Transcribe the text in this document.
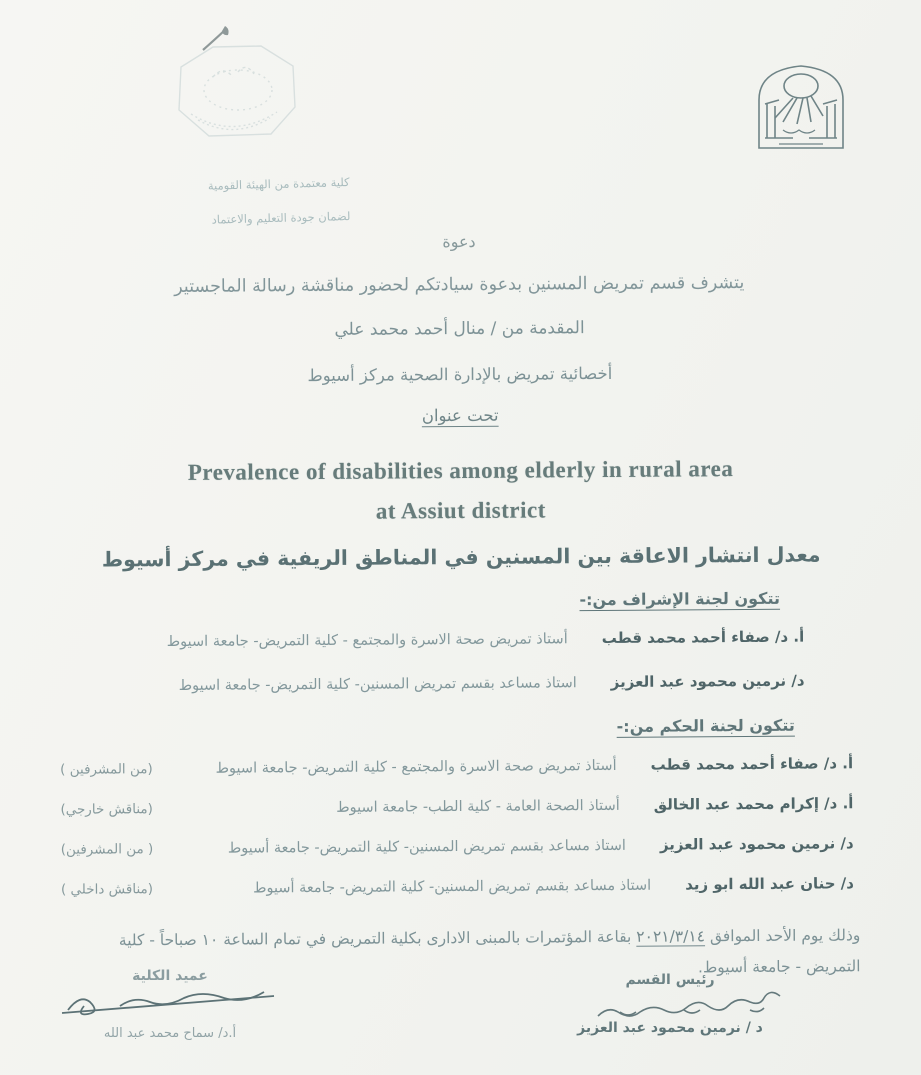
كلية معتمدة من الهيئة القومية
لضمان جودة التعليم والاعتماد

دعوة

يتشرف قسم تمريض المسنين بدعوة سيادتكم لحضور مناقشة رسالة الماجستير

المقدمة من / منال أحمد محمد علي

أخصائية تمريض بالإدارة الصحية مركز أسيوط

تحت عنوان

Prevalence of disabilities among elderly in rural area
at Assiut district

معدل انتشار الاعاقة بين المسنين في المناطق الريفية في مركز أسيوط

تتكون لجنة الإشراف من:-

أ. د/ صفاء أحمد محمد قطب
أستاذ تمريض صحة الاسرة والمجتمع - كلية التمريض- جامعة اسيوط
د/ نرمين محمود عبد العزيز
استاذ مساعد بقسم تمريض المسنين- كلية التمريض- جامعة اسيوط

تتكون لجنة الحكم من:-

أ. د/ صفاء أحمد محمد قطب
أستاذ تمريض صحة الاسرة والمجتمع - كلية التمريض- جامعة اسيوط
(من المشرفين )
أ. د/ إكرام محمد عبد الخالق
أستاذ الصحة العامة - كلية الطب- جامعة اسيوط
(مناقش خارجي)
د/ نرمين محمود عبد العزيز
استاذ مساعد بقسم تمريض المسنين- كلية التمريض- جامعة أسيوط
( من المشرفين)
د/ حنان عبد الله ابو زيد
استاذ مساعد بقسم تمريض المسنين- كلية التمريض- جامعة أسيوط
(مناقش داخلي )

وذلك يوم الأحد الموافق ٢٠٢١/٣/١٤ بقاعة المؤتمرات بالمبنى الادارى بكلية التمريض في تمام الساعة ١٠ صباحاً - كلية التمريض - جامعة أسيوط.

عميد الكلية
أ.د/ سماح محمد عبد الله
رئيس القسم
د / نرمين محمود عبد العزيز
